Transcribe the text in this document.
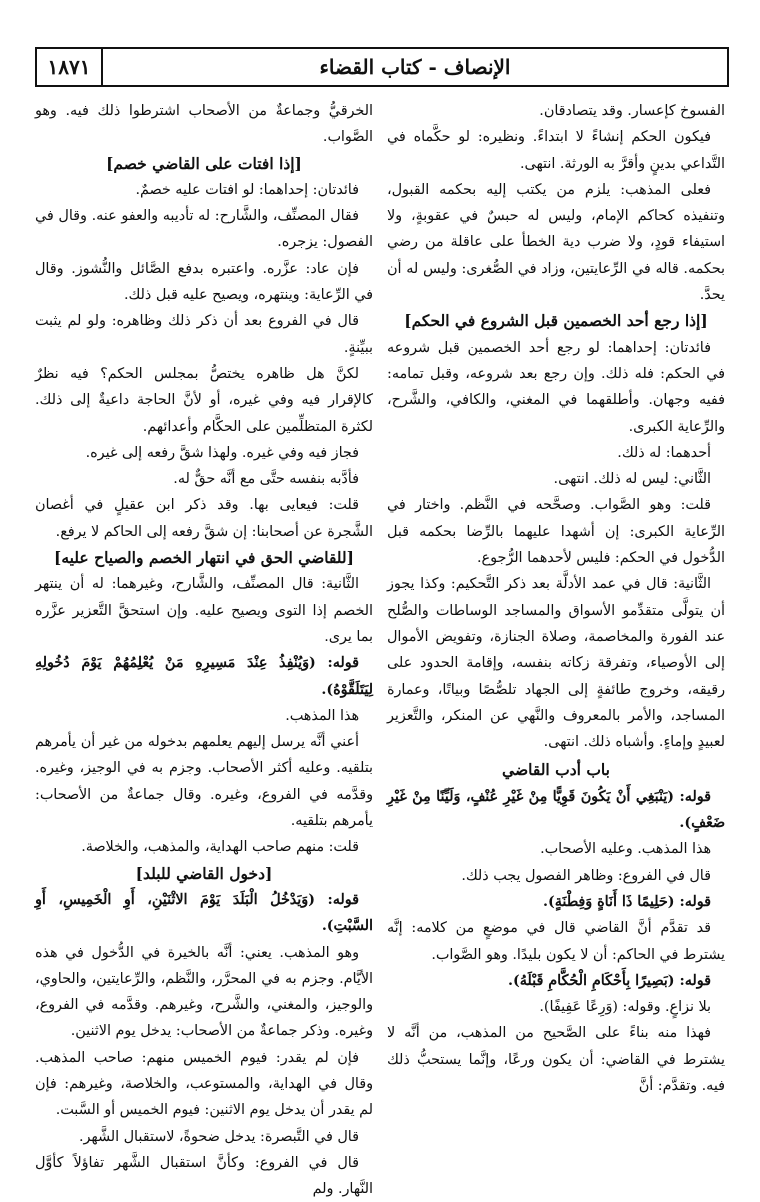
١٨٧١	الإنصاف - كتاب القضاء

الفسوخ كإعسار. وقد يتصادقان.

فيكون الحكم إنشاءً لا ابتداءً. ونظيره: لو حكَّماه في التَّداعي بدينٍ وأقرَّ به الورثة. انتهى.

فعلى المذهب: يلزم من يكتب إليه بحكمه القبول، وتنفيذه كحاكم الإمام، وليس له حبسٌ في عقوبةٍ، ولا استيفاء قودٍ، ولا ضرب دية الخطأ على عاقلة من رضي بحكمه. قاله في الرِّعايتين، وزاد في الصُّغرى: وليس له أن يحدَّ.

[إذا رجع أحد الخصمين قبل الشروع في الحكم]

فائدتان: إحداهما: لو رجع أحد الخصمين قبل شروعه في الحكم: فله ذلك. وإن رجع بعد شروعه، وقبل تمامه: ففيه وجهان. وأطلقهما في المغني، والكافي، والشَّرح، والرِّعاية الكبرى.

أحدهما: له ذلك.

الثَّاني: ليس له ذلك. انتهى.

قلت: وهو الصَّواب. وصحَّحه في النَّظم. واختار في الرِّعاية الكبرى: إن أشهدا عليهما بالرِّضا بحكمه قبل الدُّخول في الحكم: فليس لأحدهما الرُّجوع.

الثَّانية: قال في عمد الأدلَّة بعد ذكر التَّحكيم: وكذا يجوز أن يتولَّى متقدِّمو الأسواق والمساجد الوساطات والصُّلح عند الفورة والمخاصمة، وصلاة الجنازة، وتفويض الأموال إلى الأوصياء، وتفرقة زكاته بنفسه، وإقامة الحدود على رقيقه، وخروج طائفةٍ إلى الجهاد تلصُّصًا وبياتًا، وعمارة المساجد، والأمر بالمعروف والنَّهي عن المنكر، والتَّعزير لعبيدٍ وإماءٍ. وأشباه ذلك. انتهى.

باب أدب القاضي

قوله: (يَنْبَغِي أَنْ يَكُونَ قَوِيًّا مِنْ غَيْرِ عُنْفٍ، وَلَيِّنًا مِنْ غَيْرِ ضَعْفٍ).

هذا المذهب. وعليه الأصحاب.

قال في الفروع: وظاهر الفصول يجب ذلك.

قوله: (حَلِيمًا ذَا أَنَاةٍ وَفِطْنَةٍ).

قد تقدَّم أنَّ القاضي قال في موضعٍ من كلامه: إنَّه يشترط في الحاكم: أن لا يكون بليدًا. وهو الصَّواب.

قوله: (بَصِيرًا بِأَحْكَامِ الْحُكَّامِ قَبْلَهُ).

بلا نزاعٍ. وقوله: (وَرِعًا عَفِيفًا).

فهذا منه بناءً على الصَّحيح من المذهب، من أنَّه لا يشترط في القاضي: أن يكون ورعًا، وإنَّما يستحبُّ ذلك فيه. وتقدَّم: أنَّ

الخرقيُّ وجماعةٌ من الأصحاب اشترطوا ذلك فيه. وهو الصَّواب.

[إذا افتات على القاضي خصم]

فائدتان: إحداهما: لو افتات عليه خصمٌ.

فقال المصنِّف، والشَّارح: له تأديبه والعفو عنه. وقال في الفصول: يزجره.

فإن عاد: عزَّره. واعتبره بدفع الصَّائل والنُّشوز. وقال في الرِّعاية: وينتهره، ويصيح عليه قبل ذلك.

قال في الفروع بعد أن ذكر ذلك وظاهره: ولو لم يثبت ببيِّنةٍ.

لكنَّ هل ظاهره يختصُّ بمجلس الحكم؟ فيه نظرٌ كالإقرار فيه وفي غيره، أو لأنَّ الحاجة داعيةٌ إلى ذلك. لكثرة المتظلِّمين على الحكَّام وأعدائهم.

فجاز فيه وفي غيره. ولهذا شقَّ رفعه إلى غيره.

فأدَّبه بنفسه حتَّى مع أنَّه حقٌّ له.

قلت: فيعايى بها. وقد ذكر ابن عقيلٍ في أغصان الشَّجرة عن أصحابنا: إن شقَّ رفعه إلى الحاكم لا يرفع.

[للقاضي الحق في انتهار الخصم والصياح عليه]

الثَّانية: قال المصنِّف، والشَّارح، وغيرهما: له أن ينتهر الخصم إذا التوى ويصيح عليه. وإن استحقَّ التَّعزير عزَّره بما يرى.

قوله: (وَيُنْفِذُ عِنْدَ مَسِيرِهِ مَنْ يُعْلِمُهُمْ يَوْمَ دُخُولِهِ لِيَتَلَقَّوْهُ).

هذا المذهب.

أعني أنَّه يرسل إليهم يعلمهم بدخوله من غير أن يأمرهم بتلقيه. وعليه أكثر الأصحاب. وجزم به في الوجيز، وغيره. وقدَّمه في الفروع، وغيره. وقال جماعةٌ من الأصحاب: يأمرهم بتلقيه.

قلت: منهم صاحب الهداية، والمذهب، والخلاصة.

[دخول القاضي للبلد]

قوله: (وَيَدْخُلُ الْبَلَدَ يَوْمَ الاثْنَيْنِ، أَوِ الْخَمِيسِ، أَوِ السَّبْتِ).

وهو المذهب. يعني: أنَّه بالخيرة في الدُّخول في هذه الأيَّام. وجزم به في المحرَّر، والنَّظم، والرِّعايتين، والحاوي، والوجيز، والمغني، والشَّرح، وغيرهم. وقدَّمه في الفروع، وغيره. وذكر جماعةٌ من الأصحاب: يدخل يوم الاثنين.

فإن لم يقدر: فيوم الخميس منهم: صاحب المذهب. وقال في الهداية، والمستوعب، والخلاصة، وغيرهم: فإن لم يقدر أن يدخل يوم الاثنين: فيوم الخميس أو السَّبت.

قال في التَّبصرة: يدخل ضحوةً، لاستقبال الشَّهر.

قال في الفروع: وكأنَّ استقبال الشَّهر تفاؤلاً كأوَّل النَّهار. ولم
